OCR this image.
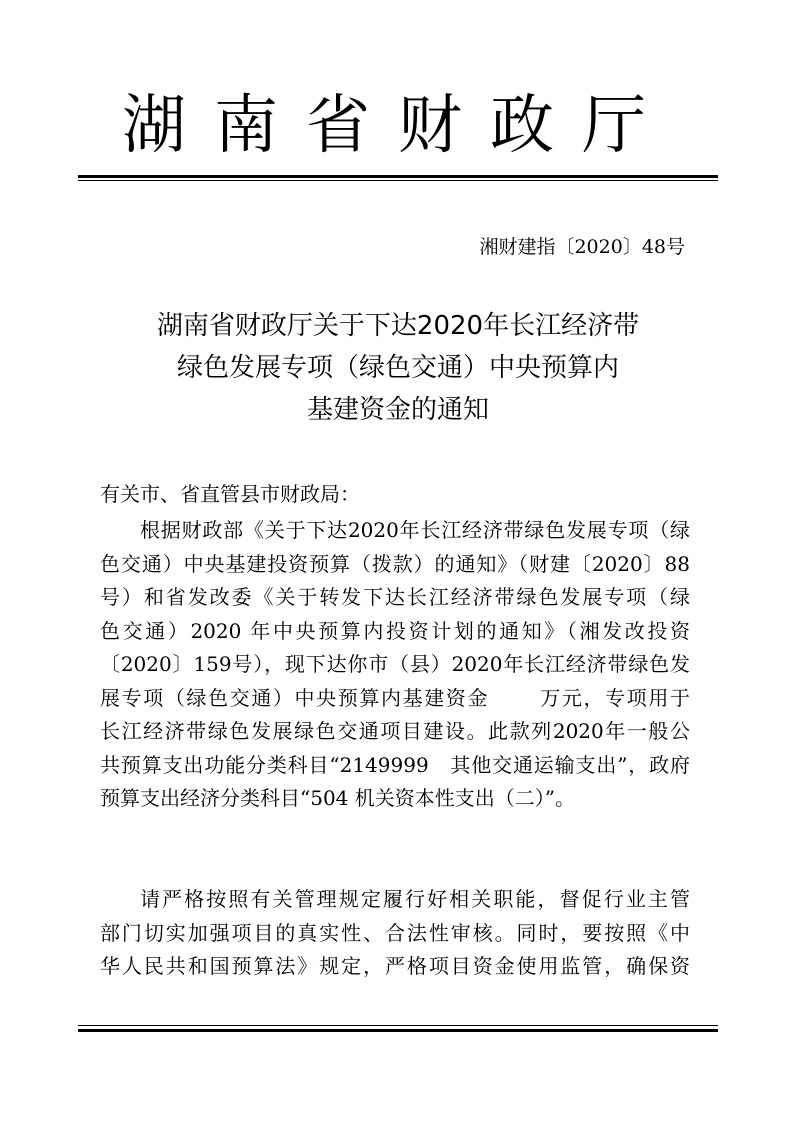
湖南省财政厅
湘财建指〔2020〕48号
湖南省财政厅关于下达2020年长江经济带
绿色发展专项（绿色交通）中央预算内
基建资金的通知
有关市、省直管县市财政局：
根据财政部《关于下达2020年长江经济带绿色发展专项（绿
色交通）中央基建投资预算（拨款）的通知》（财建〔2020〕88
号）和省发改委《关于转发下达长江经济带绿色发展专项（绿
色交通）2020 年中央预算内投资计划的通知》（湘发改投资
〔2020〕159号），现下达你市（县）2020年长江经济带绿色发
展专项（绿色交通）中央预算内基建资金　　 万元，专项用于
长江经济带绿色发展绿色交通项目建设。此款列2020年一般公
共预算支出功能分类科目“2149999　其他交通运输支出”，政府
预算支出经济分类科目“504 机关资本性支出（二）”。
请严格按照有关管理规定履行好相关职能，督促行业主管
部门切实加强项目的真实性、合法性审核。同时，要按照《中
华人民共和国预算法》规定，严格项目资金使用监管，确保资
